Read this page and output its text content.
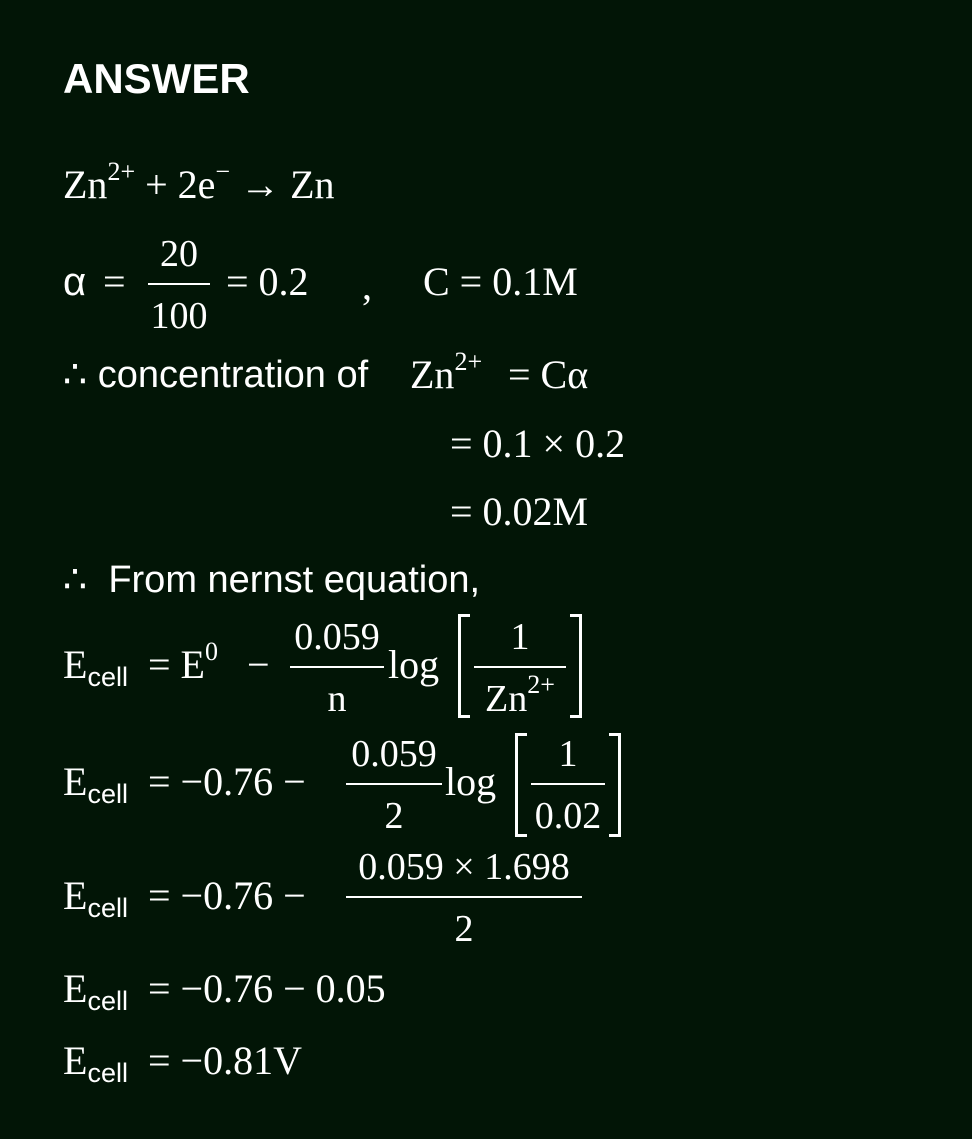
ANSWER
$Zn^{2+} + 2e^- \to Zn$
α =
20
100
= 0.2 , C = 0.1M
∴ concentration of $Zn^{2+} = C\alpha$
= 0.1 × 0.2
= 0.02M
∴ From nernst equation,
$E_{cell} = E^0$ −
0.059
n
log
1
$Zn^{2+}$
$E_{cell} = -0.76$ −
0.059
2
log
1
0.02
$E_{cell} = -0.76$ −
0.059 × 1.698
2
$E_{cell} = -0.76 - 0.05$
$E_{cell} = -0.81V$
